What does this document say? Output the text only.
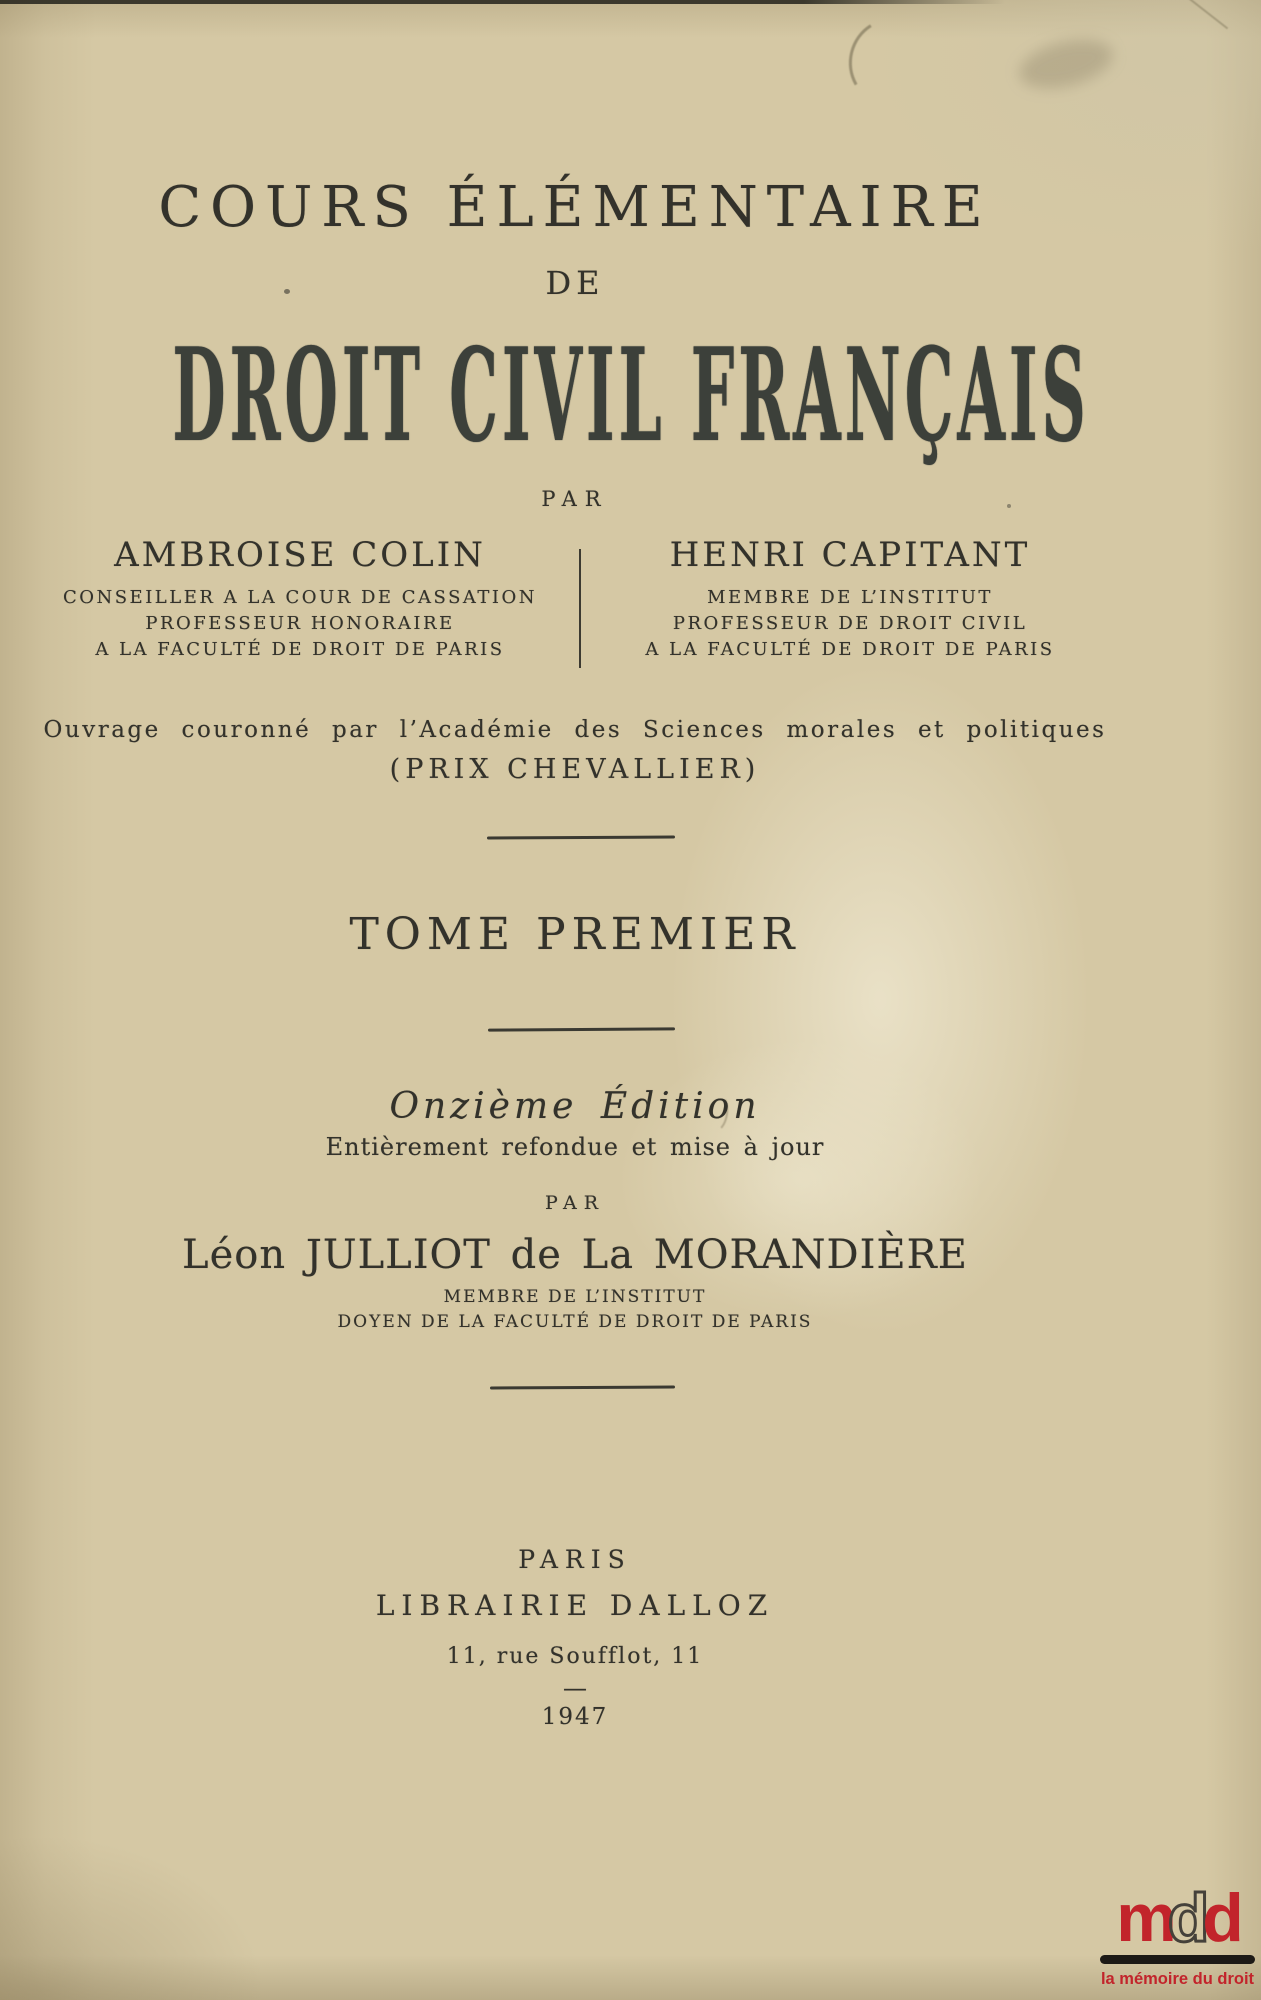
COURS ÉLÉMENTAIRE
DE
DROIT CIVIL FRANÇAIS
PAR
AMBROISE COLIN
CONSEILLER A LA COUR DE CASSATION
PROFESSEUR HONORAIRE
A LA FACULTÉ DE DROIT DE PARIS
HENRI CAPITANT
MEMBRE DE L’INSTITUT
PROFESSEUR DE DROIT CIVIL
A LA FACULTÉ DE DROIT DE PARIS
Ouvrage couronné par l’Académie des Sciences morales et politiques
(PRIX CHEVALLIER)
TOME PREMIER
Onzième Édition
Entièrement refondue et mise à jour
PAR
Léon JULLIOT de La MORANDIÈRE
MEMBRE DE L’INSTITUT
DOYEN DE LA FACULTÉ DE DROIT DE PARIS
PARIS
LIBRAIRIE DALLOZ
11, rue Soufflot, 11
—
1947
mdd
la mémoire du droit
